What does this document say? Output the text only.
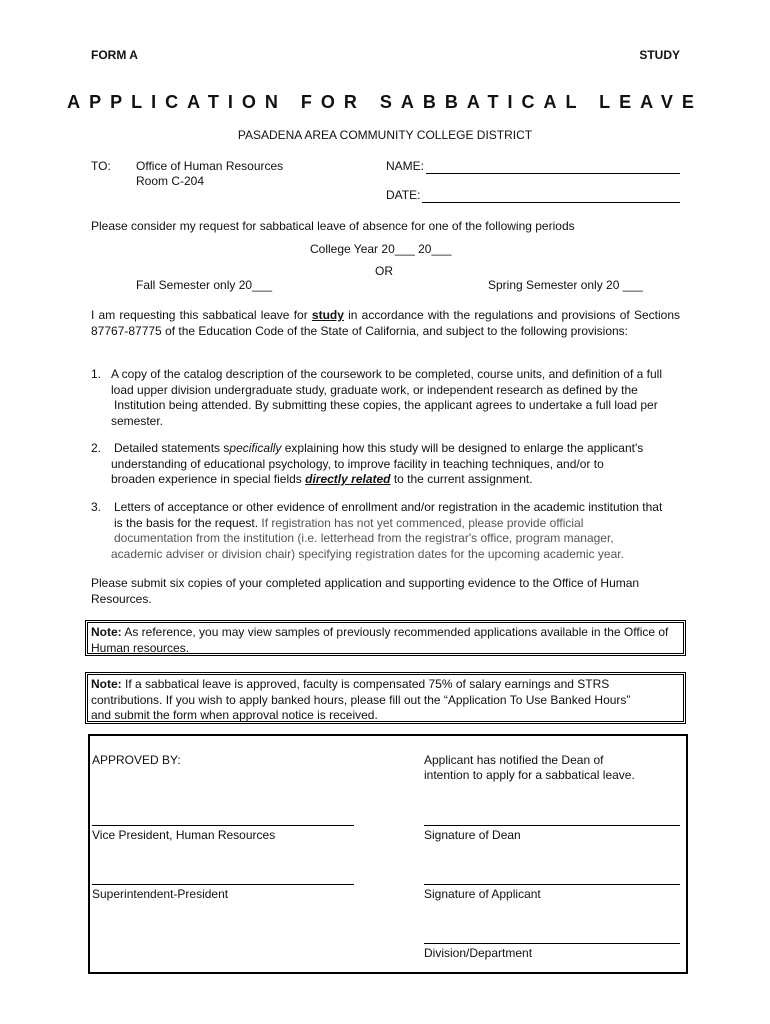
FORM A	STUDY
APPLICATION FOR SABBATICAL LEAVE
PASADENA AREA COMMUNITY COLLEGE DISTRICT
TO: Office of Human Resources
Room C-204
NAME:
DATE:
Please consider my request for sabbatical leave of absence for one of the following periods
College Year 20___ 20___
OR
Fall Semester only 20___	Spring Semester only 20 ___
I am requesting this sabbatical leave for study in accordance with the regulations and provisions of Sections 87767-87775 of the Education Code of the State of California, and subject to the following provisions:
1. A copy of the catalog description of the coursework to be completed, course units, and definition of a full
load upper division undergraduate study, graduate work, or independent research as defined by the
Institution being attended. By submitting these copies, the applicant agrees to undertake a full load per
semester.
2. Detailed statements specifically explaining how this study will be designed to enlarge the applicant's
understanding of educational psychology, to improve facility in teaching techniques, and/or to
broaden experience in special fields directly related to the current assignment.
3. Letters of acceptance or other evidence of enrollment and/or registration in the academic institution that
is the basis for the request. If registration has not yet commenced, please provide official
documentation from the institution (i.e. letterhead from the registrar's office, program manager,
academic adviser or division chair) specifying registration dates for the upcoming academic year.
Please submit six copies of your completed application and supporting evidence to the Office of Human Resources.
Note: As reference, you may view samples of previously recommended applications available in the Office of Human resources.
Note: If a sabbatical leave is approved, faculty is compensated 75% of salary earnings and STRS
contributions. If you wish to apply banked hours, please fill out the “Application To Use Banked Hours”
and submit the form when approval notice is received.
APPROVED BY:	Applicant has notified the Dean of
intention to apply for a sabbatical leave.
Vice President, Human Resources	Signature of Dean
Superintendent-President	Signature of Applicant
Division/Department
